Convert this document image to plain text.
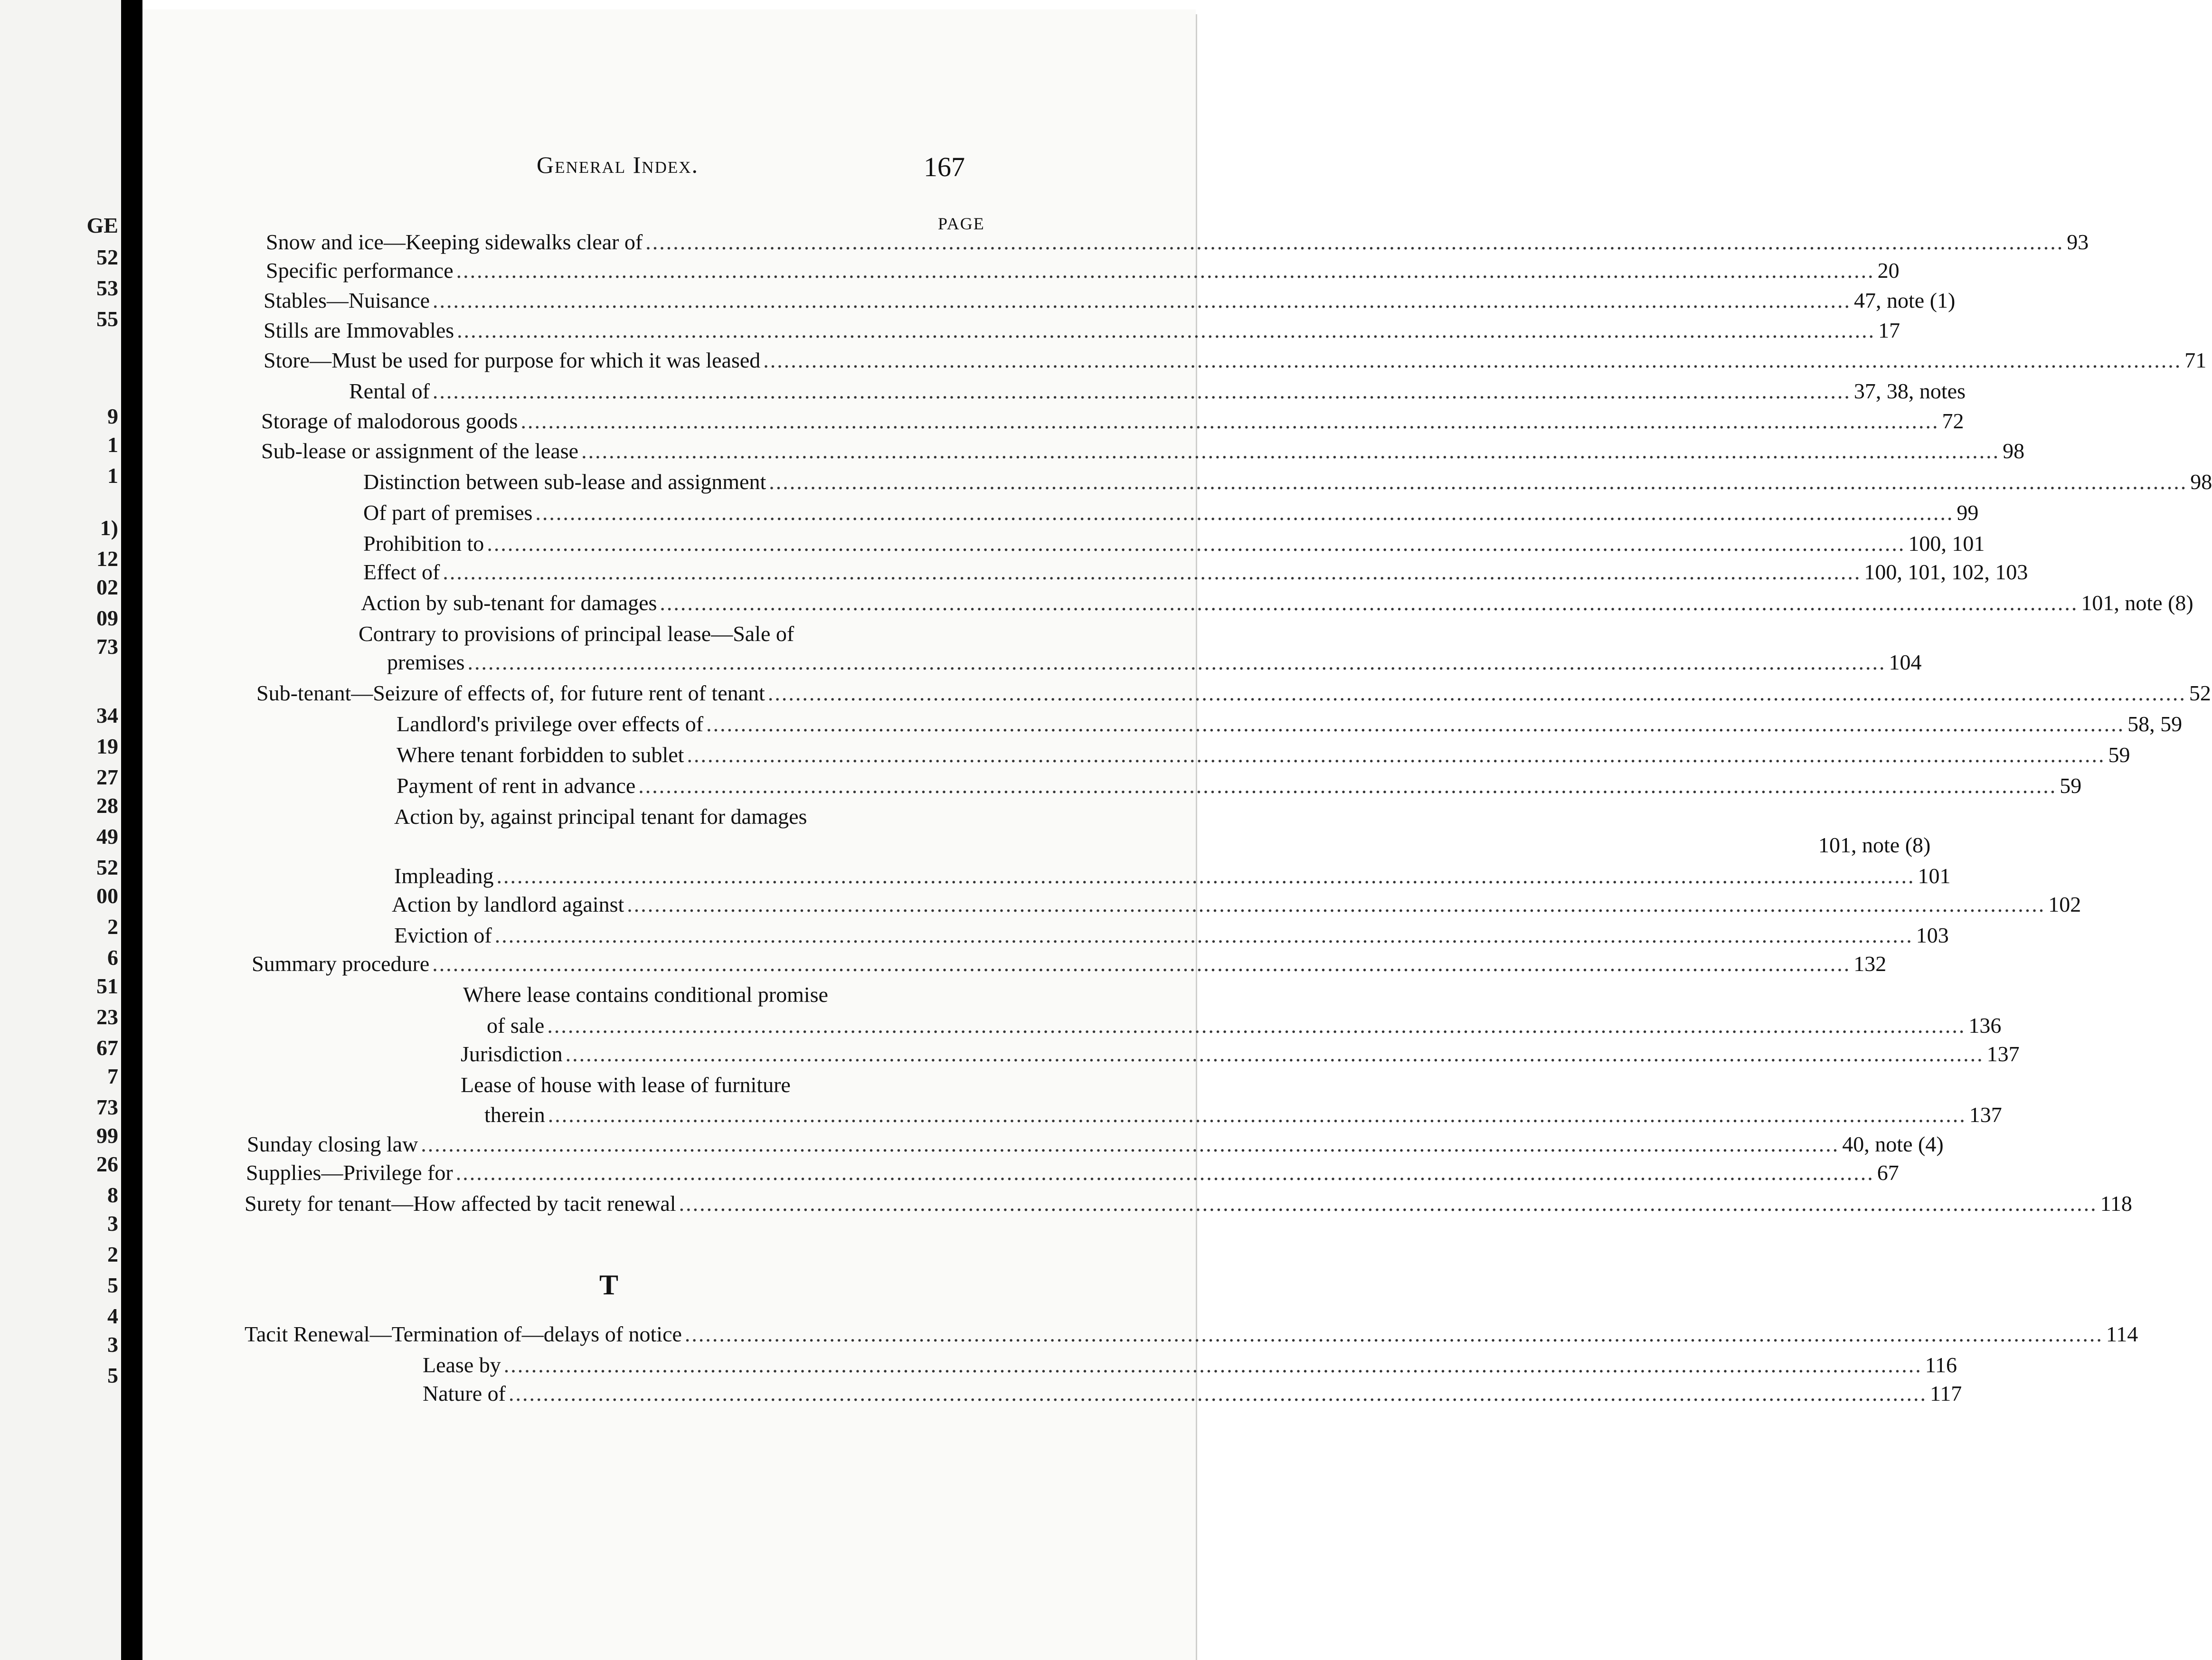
GE
52
53
55
9
1
1
1)
12
02
09
73
34
19
27
28
49
52
00
2
6
51
23
67
7
73
99
26
8
3
2
5
4
3
5
General Index.	167
PAGE
Snow and ice—Keeping sidewalks clear of .............................................................................................................................................................................................................. 93
Specific performance .............................................................................................................................................................................................................. 20
Stables—Nuisance .............................................................................................................................................................................................................. 47, note (1)
Stills are Immovables .............................................................................................................................................................................................................. 17
Store—Must be used for purpose for which it was leased .............................................................................................................................................................................................................. 71
Rental of .............................................................................................................................................................................................................. 37, 38, notes
Storage of malodorous goods .............................................................................................................................................................................................................. 72
Sub-lease or assignment of the lease .............................................................................................................................................................................................................. 98
Distinction between sub-lease and assignment .............................................................................................................................................................................................................. 98
Of part of premises .............................................................................................................................................................................................................. 99
Prohibition to .............................................................................................................................................................................................................. 100, 101
Effect of .............................................................................................................................................................................................................. 100, 101, 102, 103
Action by sub-tenant for damages .............................................................................................................................................................................................................. 101, note (8)
Contrary to provisions of principal lease—Sale of
premises .............................................................................................................................................................................................................. 104
Sub-tenant—Seizure of effects of, for future rent of tenant .............................................................................................................................................................................................................. 52
Landlord's privilege over effects of .............................................................................................................................................................................................................. 58, 59
Where tenant forbidden to sublet .............................................................................................................................................................................................................. 59
Payment of rent in advance .............................................................................................................................................................................................................. 59
Action by, against principal tenant for damages
101, note (8)
Impleading .............................................................................................................................................................................................................. 101
Action by landlord against .............................................................................................................................................................................................................. 102
Eviction of .............................................................................................................................................................................................................. 103
Summary procedure .............................................................................................................................................................................................................. 132
Where lease contains conditional promise
of sale .............................................................................................................................................................................................................. 136
Jurisdiction .............................................................................................................................................................................................................. 137
Lease of house with lease of furniture
therein .............................................................................................................................................................................................................. 137
Sunday closing law .............................................................................................................................................................................................................. 40, note (4)
Supplies—Privilege for .............................................................................................................................................................................................................. 67
Surety for tenant—How affected by tacit renewal .............................................................................................................................................................................................................. 118
T
Tacit Renewal—Termination of—delays of notice .............................................................................................................................................................................................................. 114
Lease by .............................................................................................................................................................................................................. 116
Nature of .............................................................................................................................................................................................................. 117
